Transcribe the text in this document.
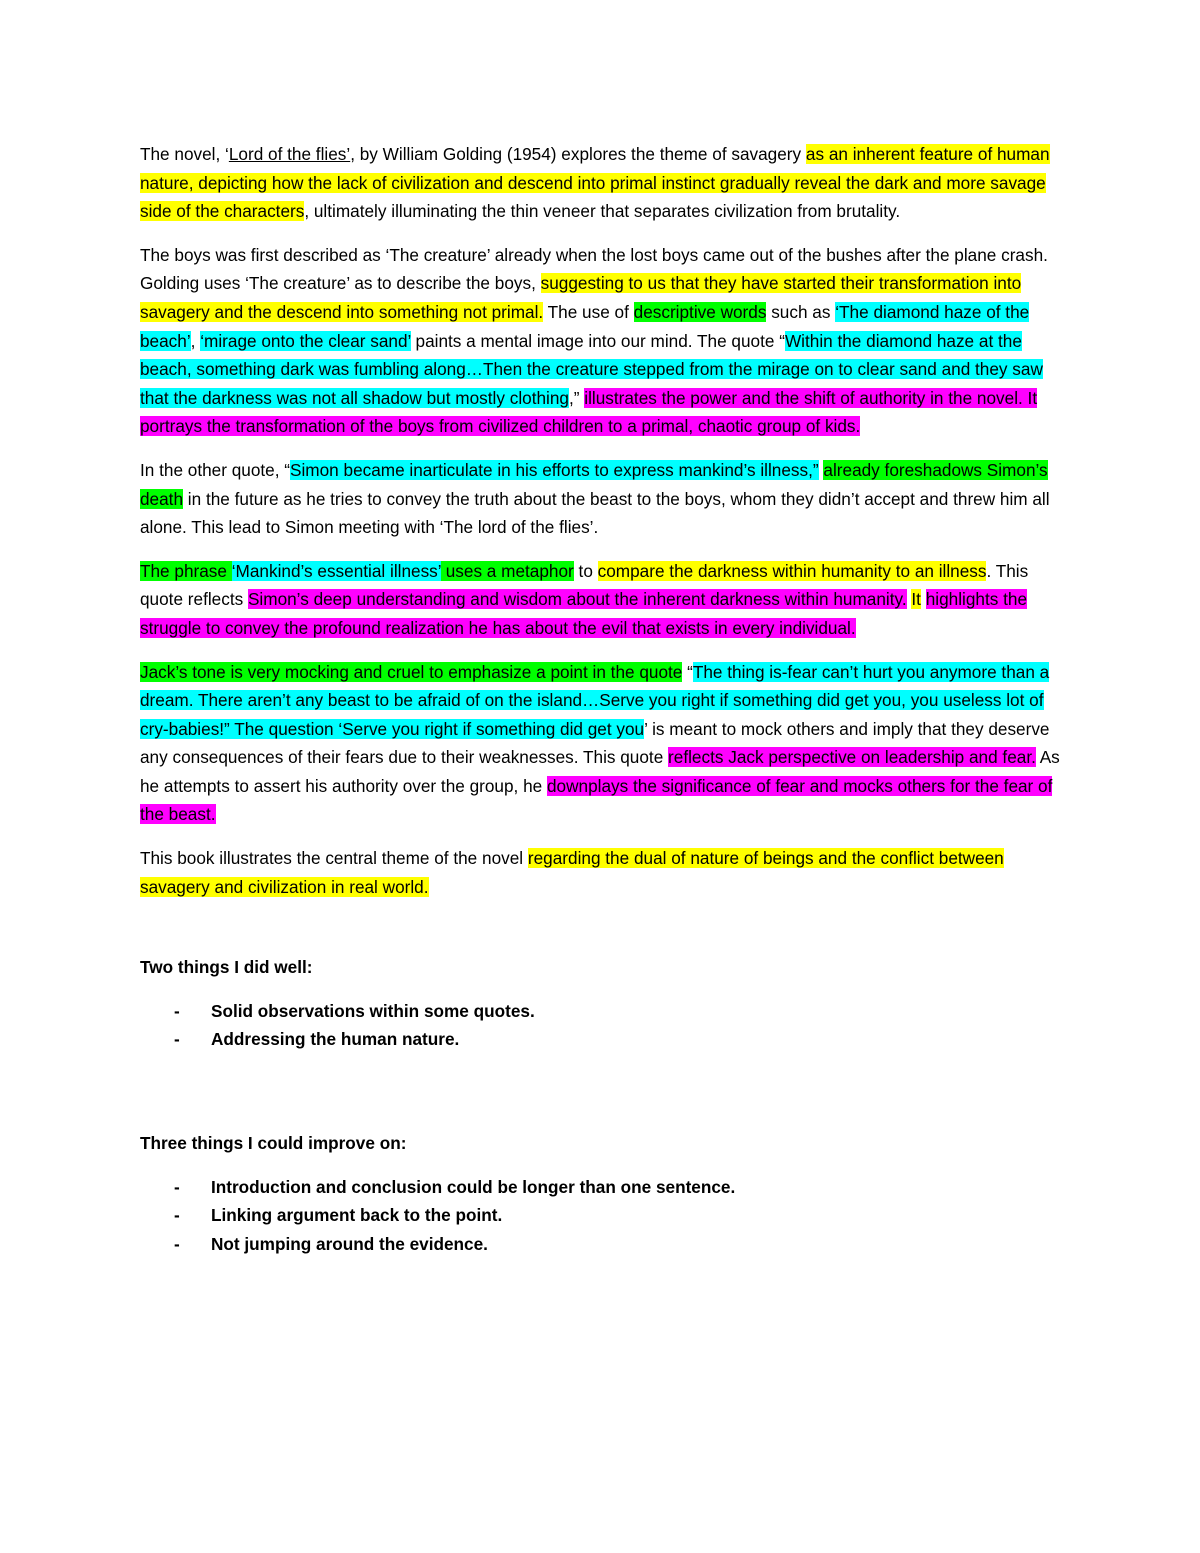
The novel, ‘Lord of the flies’, by William Golding (1954) explores the theme of savagery as an inherent feature of human nature, depicting how the lack of civilization and descend into primal instinct gradually reveal the dark and more savage side of the characters, ultimately illuminating the thin veneer that separates civilization from brutality.

The boys was first described as ‘The creature’ already when the lost boys came out of the bushes after the plane crash. Golding uses ‘The creature’ as to describe the boys, suggesting to us that they have started their transformation into savagery and the descend into something not primal. The use of descriptive words such as ‘The diamond haze of the beach’, ‘mirage onto the clear sand’ paints a mental image into our mind. The quote “Within the diamond haze at the beach, something dark was fumbling along…Then the creature stepped from the mirage on to clear sand and they saw that the darkness was not all shadow but mostly clothing,” illustrates the power and the shift of authority in the novel. It portrays the transformation of the boys from civilized children to a primal, chaotic group of kids.

In the other quote, “Simon became inarticulate in his efforts to express mankind’s illness,” already foreshadows Simon’s death in the future as he tries to convey the truth about the beast to the boys, whom they didn’t accept and threw him all alone. This lead to Simon meeting with ‘The lord of the flies’.

The phrase ‘Mankind’s essential illness’ uses a metaphor to compare the darkness within humanity to an illness. This quote reflects Simon’s deep understanding and wisdom about the inherent darkness within humanity. It highlights the struggle to convey the profound realization he has about the evil that exists in every individual.

Jack’s tone is very mocking and cruel to emphasize a point in the quote “The thing is-fear can’t hurt you anymore than a dream. There aren’t any beast to be afraid of on the island…Serve you right if something did get you, you useless lot of cry-babies!” The question ‘Serve you right if something did get you’ is meant to mock others and imply that they deserve any consequences of their fears due to their weaknesses. This quote reflects Jack perspective on leadership and fear. As he attempts to assert his authority over the group, he downplays the significance of fear and mocks others for the fear of the beast.

This book illustrates the central theme of the novel regarding the dual of nature of beings and the conflict between savagery and civilization in real world.

Two things I did well:

- Solid observations within some quotes.
- Addressing the human nature.

Three things I could improve on:

- Introduction and conclusion could be longer than one sentence.
- Linking argument back to the point.
- Not jumping around the evidence.
